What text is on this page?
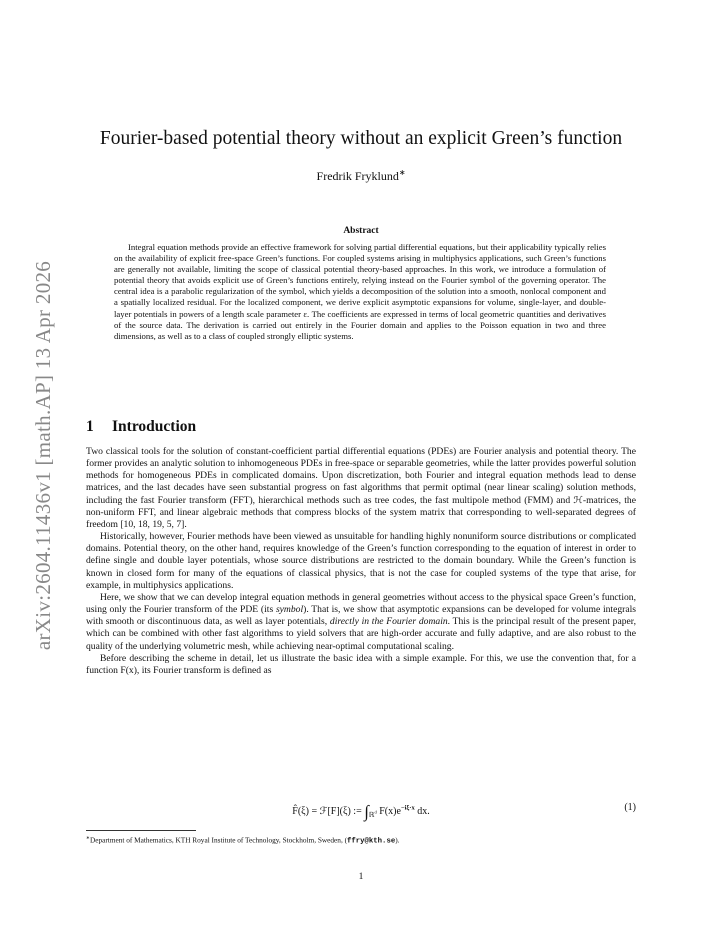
arXiv:2604.11436v1 [math.AP] 13 Apr 2026
Fourier-based potential theory without an explicit Green’s function
Fredrik Fryklund∗
Abstract

Integral equation methods provide an effective framework for solving partial differential equations, but their applicability typically relies on the availability of explicit free-space Green’s functions. For coupled systems arising in multiphysics applications, such Green’s functions are generally not available, limiting the scope of classical potential theory-based approaches. In this work, we introduce a formulation of potential theory that avoids explicit use of Green’s functions entirely, relying instead on the Fourier symbol of the governing operator. The central idea is a parabolic regularization of the symbol, which yields a decomposition of the solution into a smooth, nonlocal component and a spatially localized residual. For the localized component, we derive explicit asymptotic expansions for volume, single-layer, and double-layer potentials in powers of a length scale parameter ε. The coefficients are expressed in terms of local geometric quantities and derivatives of the source data. The derivation is carried out entirely in the Fourier domain and applies to the Poisson equation in two and three dimensions, as well as to a class of coupled strongly elliptic systems.

1 Introduction

Two classical tools for the solution of constant-coefficient partial differential equations (PDEs) are Fourier analysis and potential theory. The former provides an analytic solution to inhomogeneous PDEs in free-space or separable geometries, while the latter provides powerful solution methods for homogeneous PDEs in complicated domains. Upon discretization, both Fourier and integral equation methods lead to dense matrices, and the last decades have seen substantial progress on fast algorithms that permit optimal (near linear scaling) solution methods, including the fast Fourier transform (FFT), hierarchical methods such as tree codes, the fast multipole method (FMM) and ℋ-matrices, the non-uniform FFT, and linear algebraic methods that compress blocks of the system matrix that corresponding to well-separated degrees of freedom [10, 18, 19, 5, 7].

Historically, however, Fourier methods have been viewed as unsuitable for handling highly nonuniform source distributions or complicated domains. Potential theory, on the other hand, requires knowledge of the Green’s function corresponding to the equation of interest in order to define single and double layer potentials, whose source distributions are restricted to the domain boundary. While the Green’s function is known in closed form for many of the equations of classical physics, that is not the case for coupled systems of the type that arise, for example, in multiphysics applications.

Here, we show that we can develop integral equation methods in general geometries without access to the physical space Green’s function, using only the Fourier transform of the PDE (its symbol). That is, we show that asymptotic expansions can be developed for volume integrals with smooth or discontinuous data, as well as layer potentials, directly in the Fourier domain. This is the principal result of the present paper, which can be combined with other fast algorithms to yield solvers that are high-order accurate and fully adaptive, and are also robust to the quality of the underlying volumetric mesh, while achieving near-optimal computational scaling.

Before describing the scheme in detail, let us illustrate the basic idea with a simple example. For this, we use the convention that, for a function F(x), its Fourier transform is defined as

F̂(ξ) = ℱ[F](ξ) := $\int_{ℝ^d}$ $F(x)e^{-i\xi\cdot x}$ dx.	(1)
∗Department of Mathematics, KTH Royal Institute of Technology, Stockholm, Sweden, (ffry@kth.se).
1
